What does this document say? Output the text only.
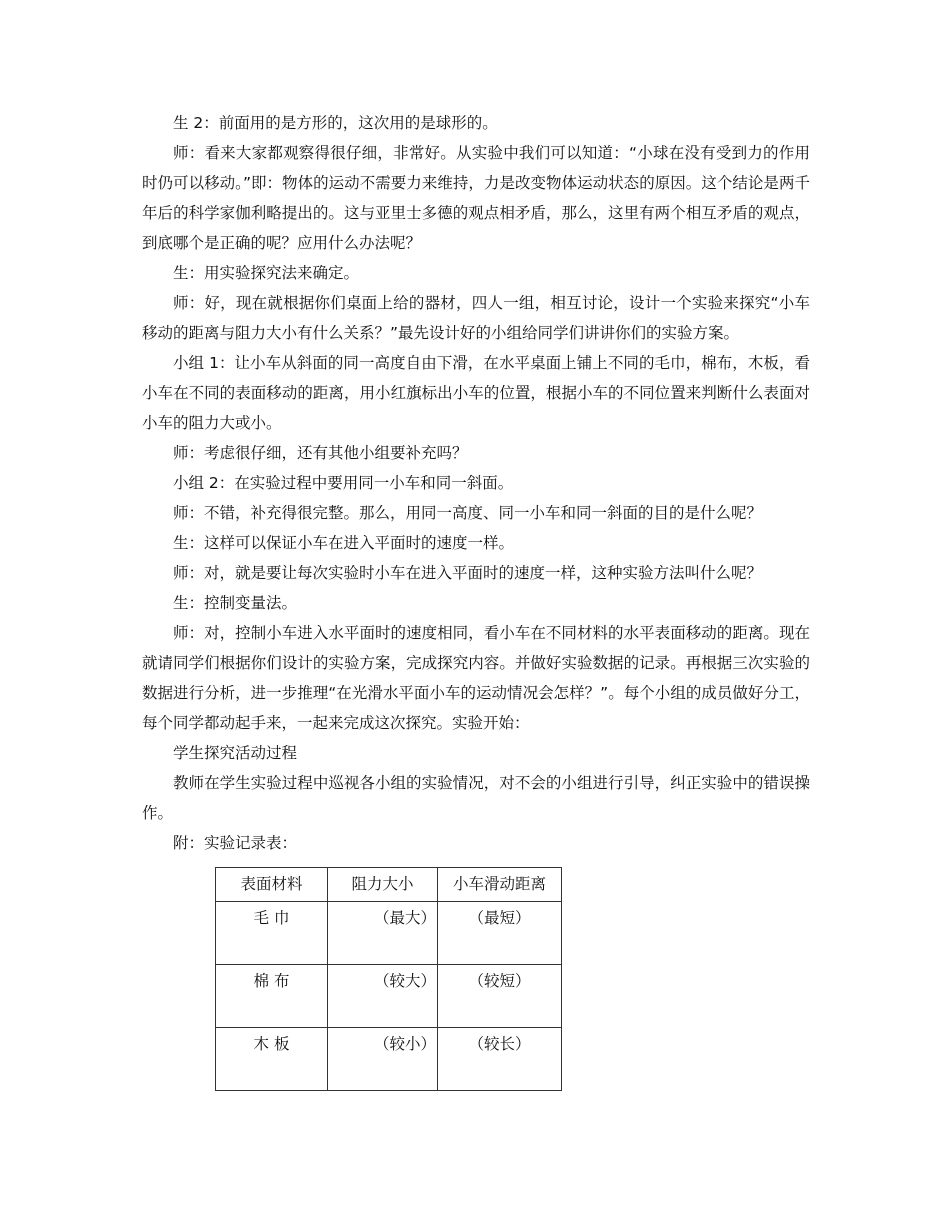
生 2：前面用的是方形的，这次用的是球形的。

师：看来大家都观察得很仔细，非常好。从实验中我们可以知道：“小球在没有受到力的作用时仍可以移动。”即：物体的运动不需要力来维持，力是改变物体运动状态的原因。这个结论是两千年后的科学家伽利略提出的。这与亚里士多德的观点相矛盾，那么，这里有两个相互矛盾的观点，到底哪个是正确的呢？应用什么办法呢？

生：用实验探究法来确定。

师：好，现在就根据你们桌面上给的器材，四人一组，相互讨论，设计一个实验来探究“小车移动的距离与阻力大小有什么关系？”最先设计好的小组给同学们讲讲你们的实验方案。

小组 1：让小车从斜面的同一高度自由下滑，在水平桌面上铺上不同的毛巾，棉布，木板，看小车在不同的表面移动的距离，用小红旗标出小车的位置，根据小车的不同位置来判断什么表面对小车的阻力大或小。

师：考虑很仔细，还有其他小组要补充吗？

小组 2：在实验过程中要用同一小车和同一斜面。

师：不错，补充得很完整。那么，用同一高度、同一小车和同一斜面的目的是什么呢？

生：这样可以保证小车在进入平面时的速度一样。

师：对，就是要让每次实验时小车在进入平面时的速度一样，这种实验方法叫什么呢？

生：控制变量法。

师：对，控制小车进入水平面时的速度相同，看小车在不同材料的水平表面移动的距离。现在就请同学们根据你们设计的实验方案，完成探究内容。并做好实验数据的记录。再根据三次实验的数据进行分析，进一步推理“在光滑水平面小车的运动情况会怎样？”。每个小组的成员做好分工，每个同学都动起手来，一起来完成这次探究。实验开始：

学生探究活动过程

教师在学生实验过程中巡视各小组的实验情况，对不会的小组进行引导，纠正实验中的错误操作。

附：实验记录表：

表面材料	阻力大小	小车滑动距离
毛 巾	（最大）	（最短）
棉 布	（较大）	（较短）
木 板	（较小）	（较长）
